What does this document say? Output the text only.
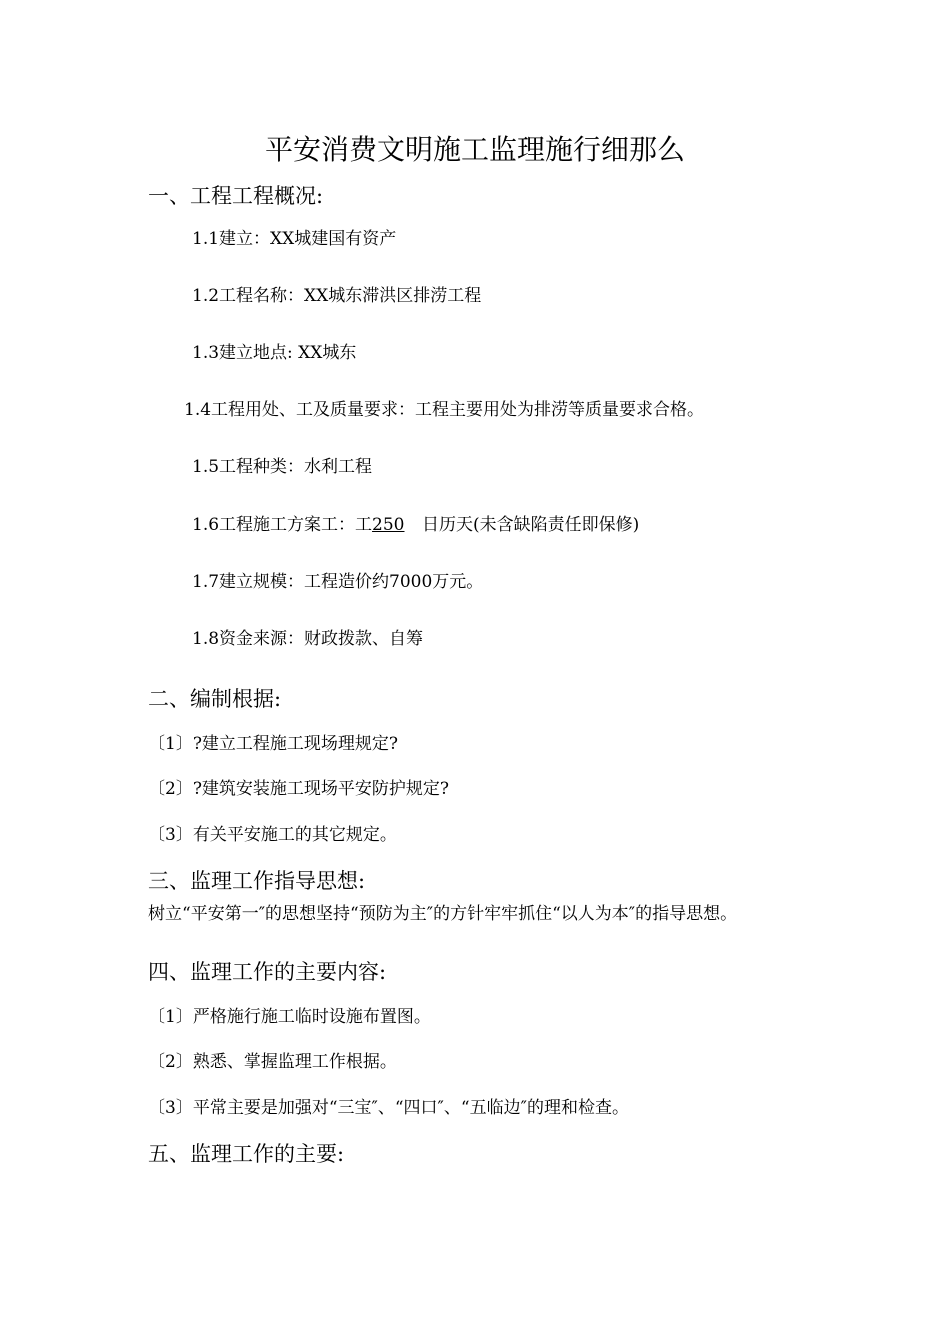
平安消费文明施工监理施行细那么
一、工程工程概况:
1.1建立：XX城建国有资产
1.2工程名称：XX城东滞洪区排涝工程
1.3建立地点: XX城东
1.4工程用处、工及质量要求：工程主要用处为排涝等质量要求合格。
1.5工程种类：水利工程
1.6工程施工方案工：工250 日历天(未含缺陷责任即保修)
1.7建立规模：工程造价约7000万元。
1.8资金来源：财政拨款、自筹
二、编制根据:
〔1〕?建立工程施工现场理规定?
〔2〕?建筑安装施工现场平安防护规定?
〔3〕有关平安施工的其它规定。
三、监理工作指导思想:
树立“平安第一″的思想坚持“预防为主″的方针牢牢抓住“以人为本″的指导思想。
四、监理工作的主要内容:
〔1〕严格施行施工临时设施布置图。
〔2〕熟悉、掌握监理工作根据。
〔3〕平常主要是加强对“三宝″、“四口″、“五临边″的理和检查。
五、监理工作的主要:
